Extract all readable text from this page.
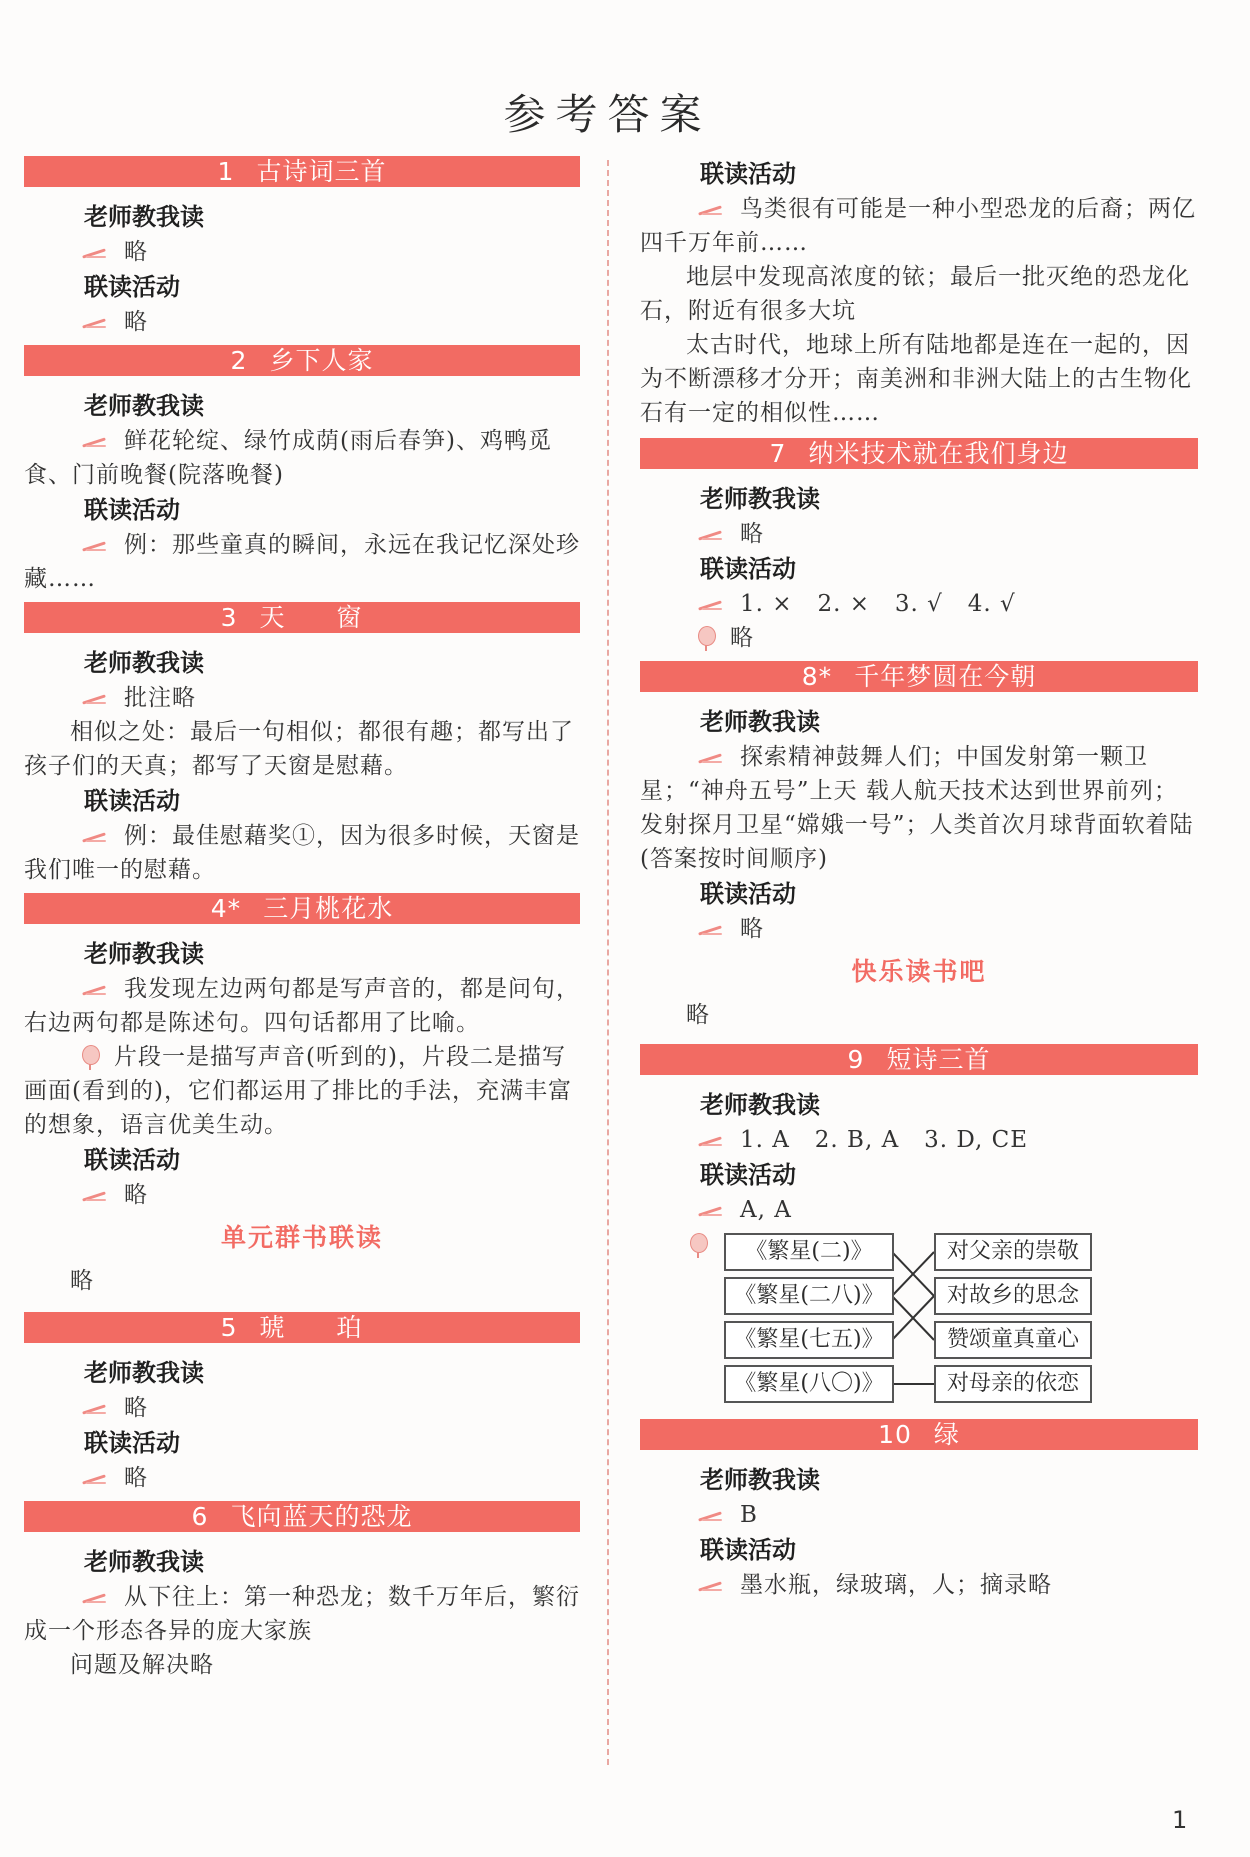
参考答案
1 古诗词三首
老师教我读

略

联读活动

略

2 乡下人家
老师教我读

鲜花轮绽、绿竹成荫(雨后春笋)、鸡鸭觅食、门前晚餐(院落晚餐)

联读活动

例：那些童真的瞬间，永远在我记忆深处珍藏……

3 天 窗
老师教我读

批注略

相似之处：最后一句相似；都很有趣；都写出了孩子们的天真；都写了天窗是慰藉。

联读活动

例：最佳慰藉奖①，因为很多时候，天窗是我们唯一的慰藉。

4* 三月桃花水
老师教我读

我发现左边两句都是写声音的，都是问句，右边两句都是陈述句。四句话都用了比喻。

片段一是描写声音(听到的)，片段二是描写画面(看到的)，它们都运用了排比的手法，充满丰富的想象，语言优美生动。

联读活动

略

单元群书联读

略

5 琥 珀
老师教我读

略

联读活动

略

6 飞向蓝天的恐龙
老师教我读

从下往上：第一种恐龙；数千万年后，繁衍成一个形态各异的庞大家族

问题及解决略

联读活动

鸟类很有可能是一种小型恐龙的后裔；两亿四千万年前……

地层中发现高浓度的铱；最后一批灭绝的恐龙化石，附近有很多大坑

太古时代，地球上所有陆地都是连在一起的，因为不断漂移才分开；南美洲和非洲大陆上的古生物化石有一定的相似性……

7 纳米技术就在我们身边
老师教我读

略

联读活动

1. ×   2. ×   3. √   4. √

略

8* 千年梦圆在今朝
老师教我读

探索精神鼓舞人们；中国发射第一颗卫星；“神舟五号”上天 载人航天技术达到世界前列；发射探月卫星“嫦娥一号”；人类首次月球背面软着陆(答案按时间顺序)

联读活动

略

快乐读书吧

略

9 短诗三首
老师教我读

1. A   2. B, A   3. D, CE

联读活动

A, A

《繁星(二)》
《繁星(二八)》
《繁星(七五)》
《繁星(八〇)》
对父亲的崇敬
对故乡的思念
赞颂童真童心
对母亲的依恋
10 绿
老师教我读

B

联读活动

墨水瓶，绿玻璃，人；摘录略

1
